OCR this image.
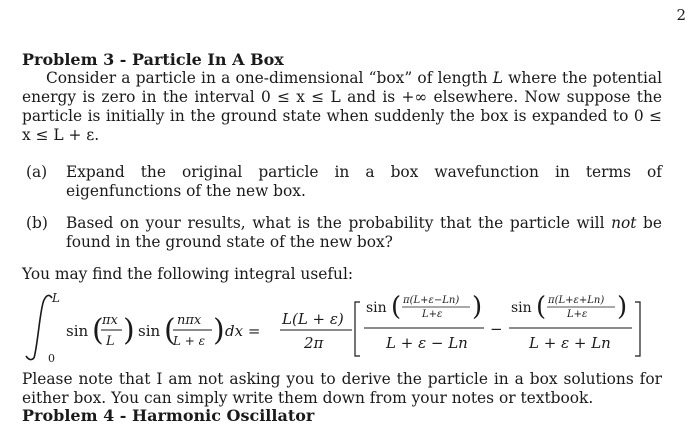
2

Problem 3 - Particle In A Box

Consider a particle in a one-dimensional “box” of length L where the potential energy is zero in the interval 0 ≤ x ≤ L and is +∞ elsewhere. Now suppose the particle is initially in the ground state when suddenly the box is expanded to 0 ≤ x ≤ L + ε.

(a)	Expand the original particle in a box wavefunction in terms of eigenfunctions of the new box.
(b)	Based on your results, what is the probability that the particle will not be found in the ground state of the new box?

You may find the following integral useful:

L
0
sin (
πx
L ) sin ( nπx
L + ε ) dx =
L(L + ε)
2π
sin ( π(L+ε−Ln)
L+ε )
L + ε − Ln
−
sin ( π(L+ε+Ln)
L+ε )
L + ε + Ln

Please note that I am not asking you to derive the particle in a box solutions for either box. You can simply write them down from your notes or textbook.

Problem 4 - Harmonic Oscillator
